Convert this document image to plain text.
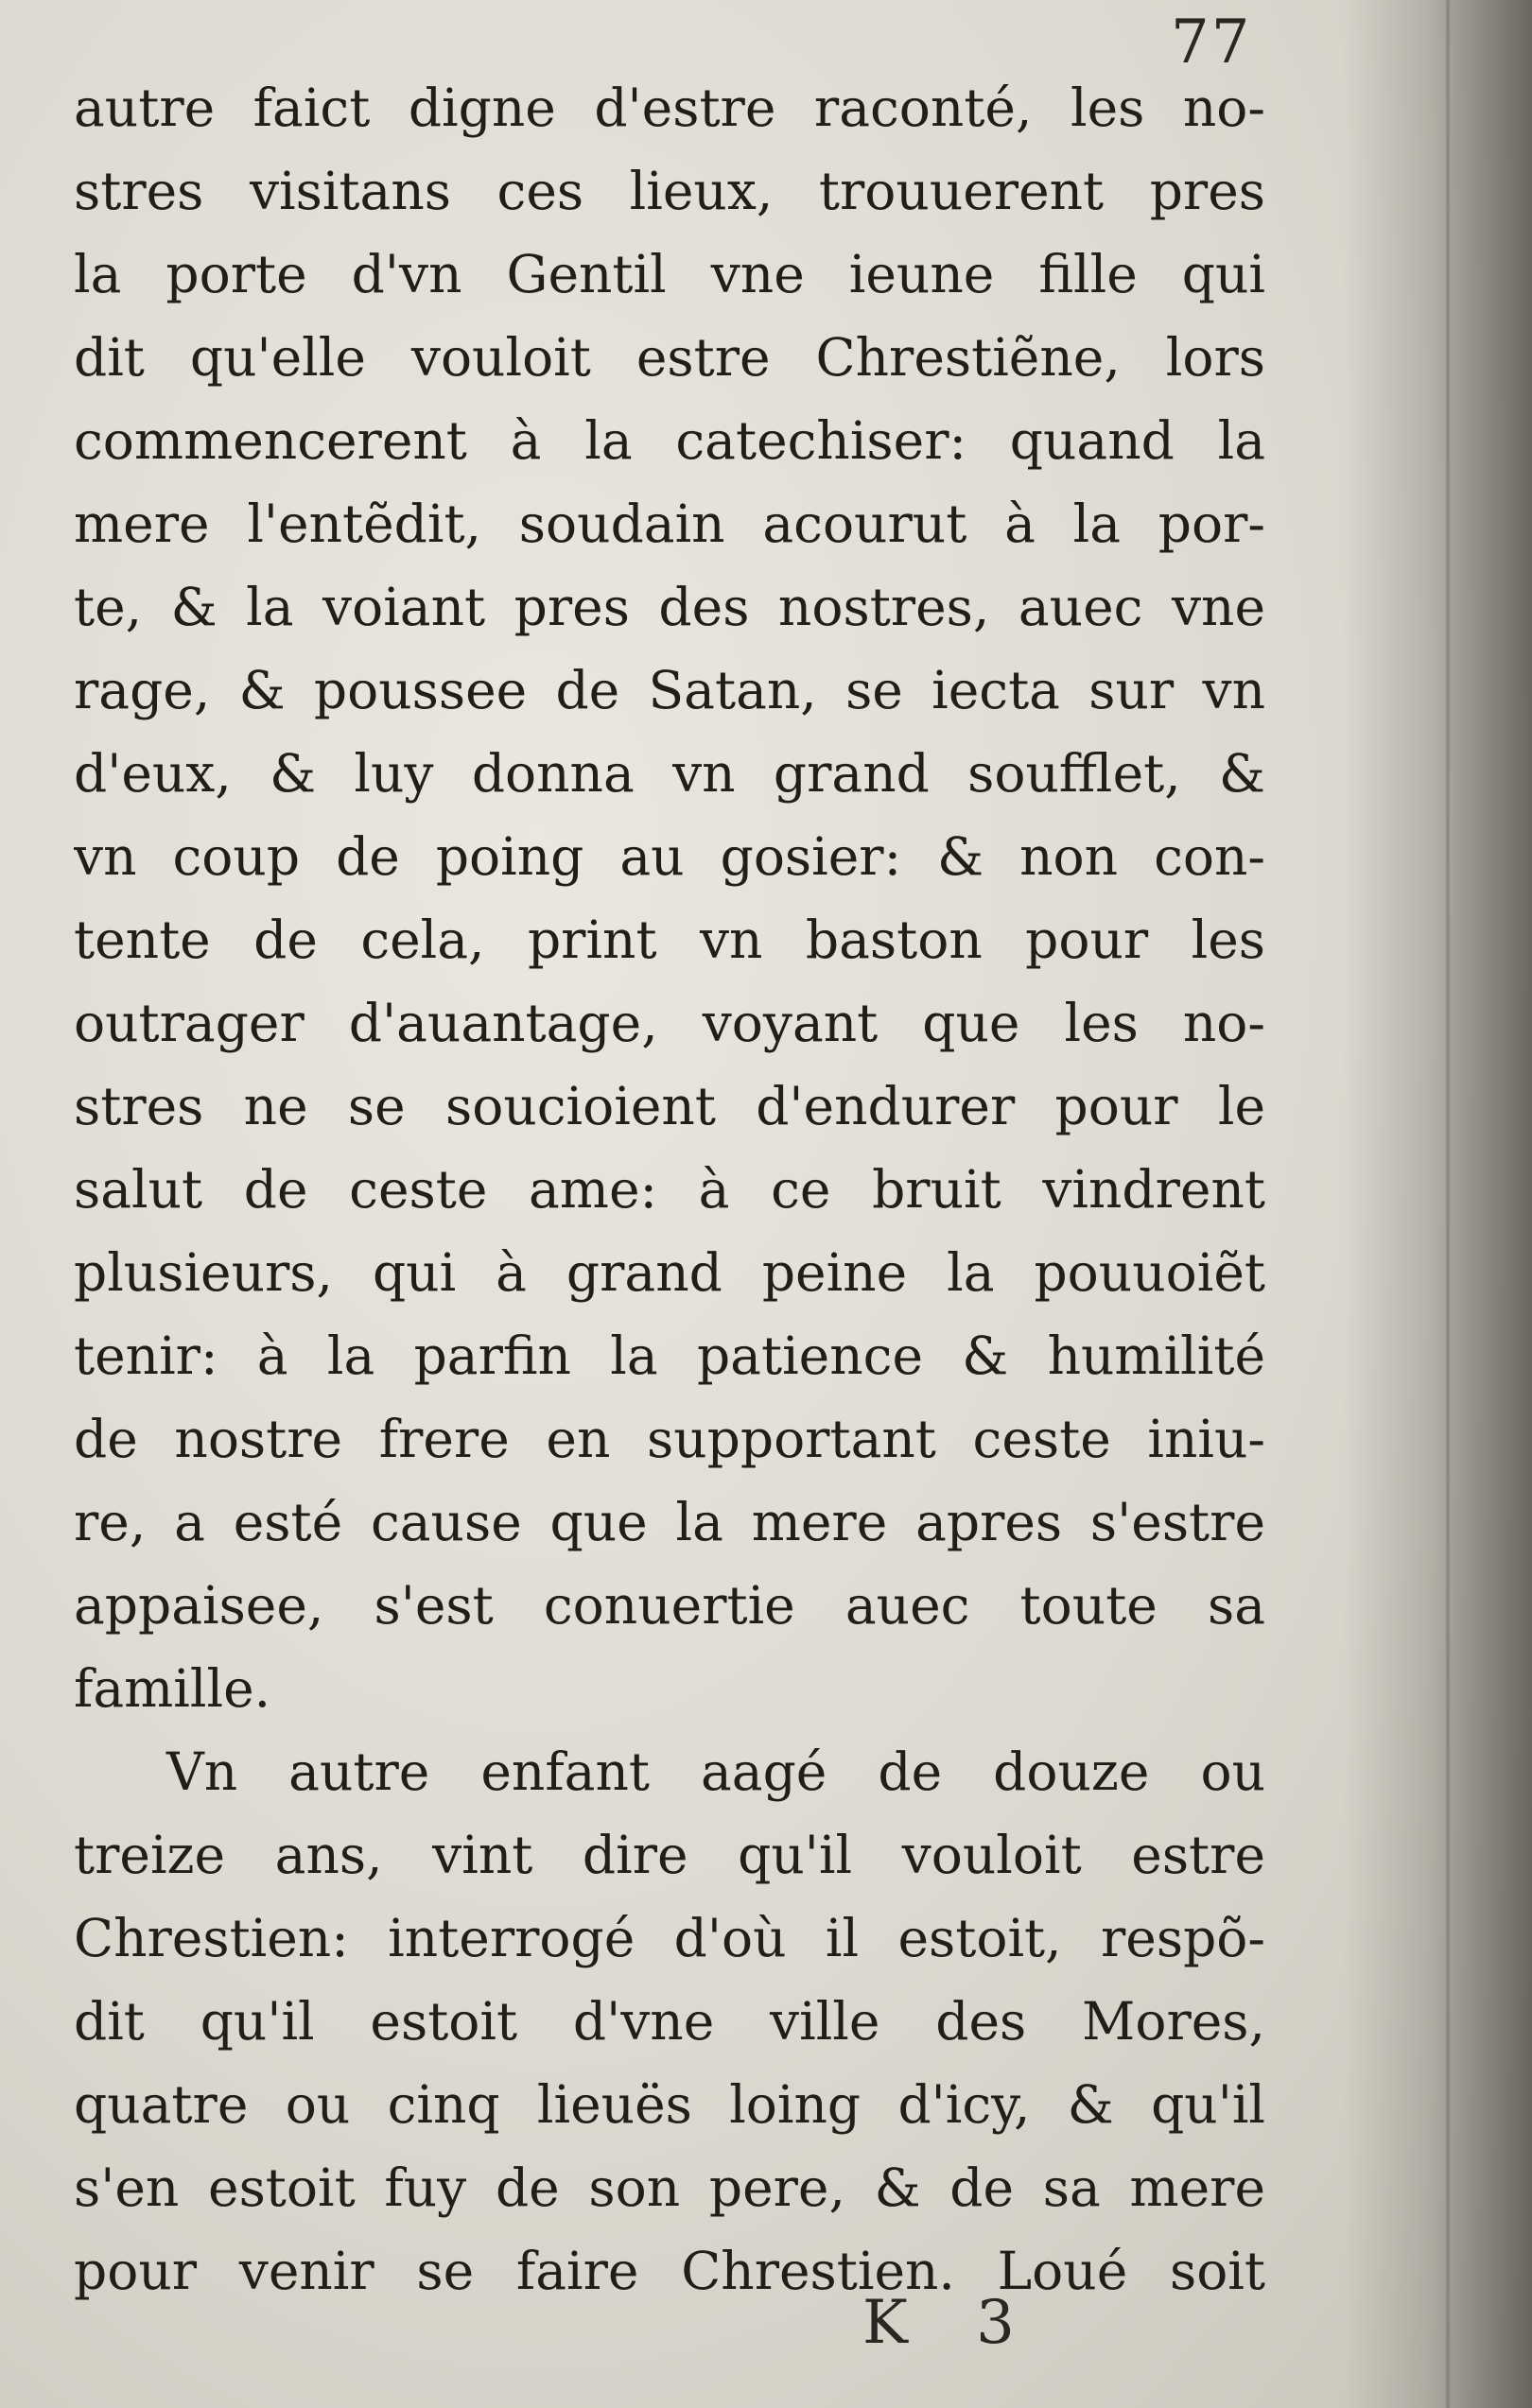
77
autre faict digne d'estre raconté, les no-
stres visitans ces lieux, trouuerent pres
la porte d'vn Gentil vne ieune fille qui
dit qu'elle vouloit estre Chrestiẽne, lors
commencerent à la catechiser: quand la
mere l'entẽdit, soudain acourut à la por-
te, & la voiant pres des nostres, auec vne
rage, & poussee de Satan, se iecta sur vn
d'eux, & luy donna vn grand soufflet, &
vn coup de poing au gosier: & non con-
tente de cela, print vn baston pour les
outrager d'auantage, voyant que les no-
stres ne se soucioient d'endurer pour le
salut de ceste ame: à ce bruit vindrent
plusieurs, qui à grand peine la pouuoiẽt
tenir: à la parfin la patience & humilité
de nostre frere en supportant ceste iniu-
re, a esté cause que la mere apres s'estre
appaisee, s'est conuertie auec toute sa
famille.
Vn autre enfant aagé de douze ou
treize ans, vint dire qu'il vouloit estre
Chrestien: interrogé d'où il estoit, respõ-
dit qu'il estoit d'vne ville des Mores,
quatre ou cinq lieuës loing d'icy, & qu'il
s'en estoit fuy de son pere, & de sa mere
pour venir se faire Chrestien. Loué soit
K 3
